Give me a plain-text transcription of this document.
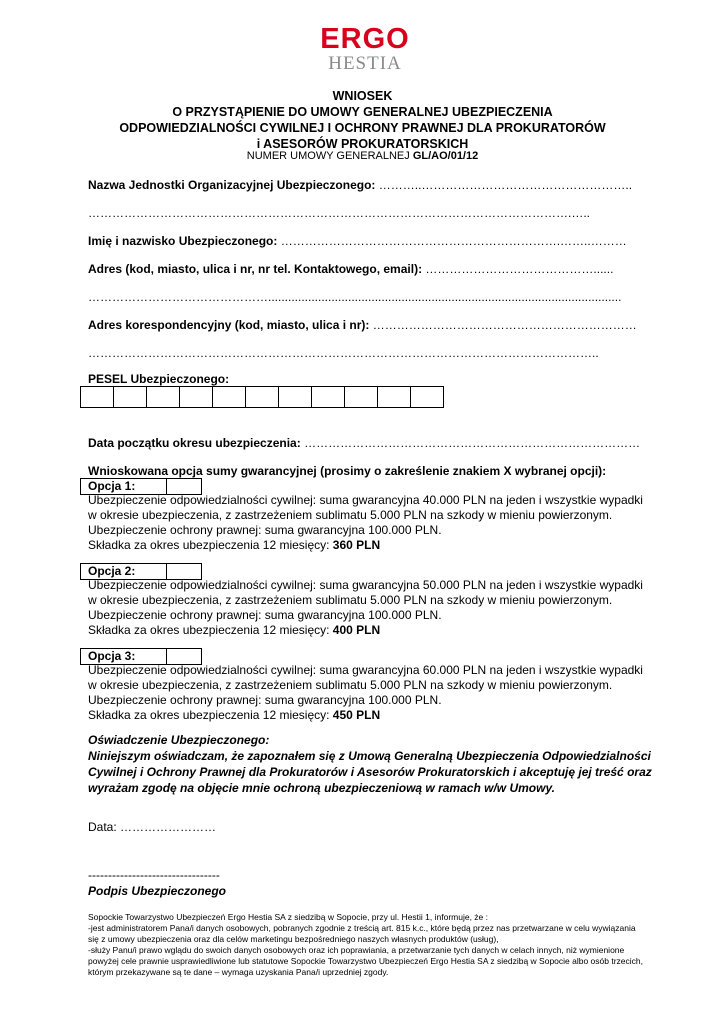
ERGO
HESTIA
WNIOSEK
O PRZYSTĄPIENIE DO UMOWY GENERALNEJ UBEZPIECZENIA
ODPOWIEDZIALNOŚCI CYWILNEJ I OCHRONY PRAWNEJ DLA PROKURATORÓW
i ASESORÓW PROKURATORSKICH
NUMER UMOWY GENERALNEJ GL/AO/01/12
Nazwa Jednostki Organizacyjnej Ubezpieczonego: ………..……………………………………………..
………………………………………………………………………………………………………….…..
Imię i nazwisko Ubezpieczonego: …………………………………………………………….……..………
Adres (kod, miasto, ulica i nr, nr tel. Kontaktowego, email): ……………………………………......
………………………………………..........................................................................................................
Adres korespondencyjny (kod, miasto, ulica i nr): …………………………………………………………
………………………………………………………………………………………………………………..
PESEL Ubezpieczonego:
Data początku okresu ubezpieczenia: …………………………………………………………………………
Wnioskowana opcja sumy gwarancyjnej (prosimy o zakreślenie znakiem X wybranej opcji):
Opcja 1:
Ubezpieczenie odpowiedzialności cywilnej: suma gwarancyjna 40.000 PLN na jeden i wszystkie wypadki w okresie ubezpieczenia, z zastrzeżeniem sublimatu 5.000 PLN na szkody w mieniu powierzonym. Ubezpieczenie ochrony prawnej: suma gwarancyjna 100.000 PLN.
Składka za okres ubezpieczenia 12 miesięcy: 360 PLN
Opcja 2:
Ubezpieczenie odpowiedzialności cywilnej: suma gwarancyjna 50.000 PLN na jeden i wszystkie wypadki w okresie ubezpieczenia, z zastrzeżeniem sublimatu 5.000 PLN na szkody w mieniu powierzonym. Ubezpieczenie ochrony prawnej: suma gwarancyjna 100.000 PLN.
Składka za okres ubezpieczenia 12 miesięcy: 400 PLN
Opcja 3:
Ubezpieczenie odpowiedzialności cywilnej: suma gwarancyjna 60.000 PLN na jeden i wszystkie wypadki w okresie ubezpieczenia, z zastrzeżeniem sublimatu 5.000 PLN na szkody w mieniu powierzonym. Ubezpieczenie ochrony prawnej: suma gwarancyjna 100.000 PLN.
Składka za okres ubezpieczenia 12 miesięcy: 450 PLN
Oświadczenie Ubezpieczonego:
Niniejszym oświadczam, że zapoznałem się z Umową Generalną Ubezpieczenia Odpowiedzialności Cywilnej i Ochrony Prawnej dla Prokuratorów i Asesorów Prokuratorskich i akceptuję jej treść oraz wyrażam zgodę na objęcie mnie ochroną ubezpieczeniową w ramach w/w Umowy.
Data: ……………………
---------------------------------
Podpis Ubezpieczonego
Sopockie Towarzystwo Ubezpieczeń Ergo Hestia SA z siedzibą w Sopocie, przy ul. Hestii 1, informuje, że :
-jest administratorem Pana/i danych osobowych, pobranych zgodnie z treścią art. 815 k.c., które będą przez nas przetwarzane w celu wywiązania się z umowy ubezpieczenia oraz dla celów marketingu bezpośredniego naszych własnych produktów (usług),
-służy Panu/i prawo wglądu do swoich danych osobowych oraz ich poprawiania, a przetwarzanie tych danych w celach innych, niż wymienione powyżej cele prawnie usprawiedliwione lub statutowe Sopockie Towarzystwo Ubezpieczeń Ergo Hestia SA z siedzibą w Sopocie albo osób trzecich, którym przekazywane są te dane – wymaga uzyskania Pana/i uprzedniej zgody.
